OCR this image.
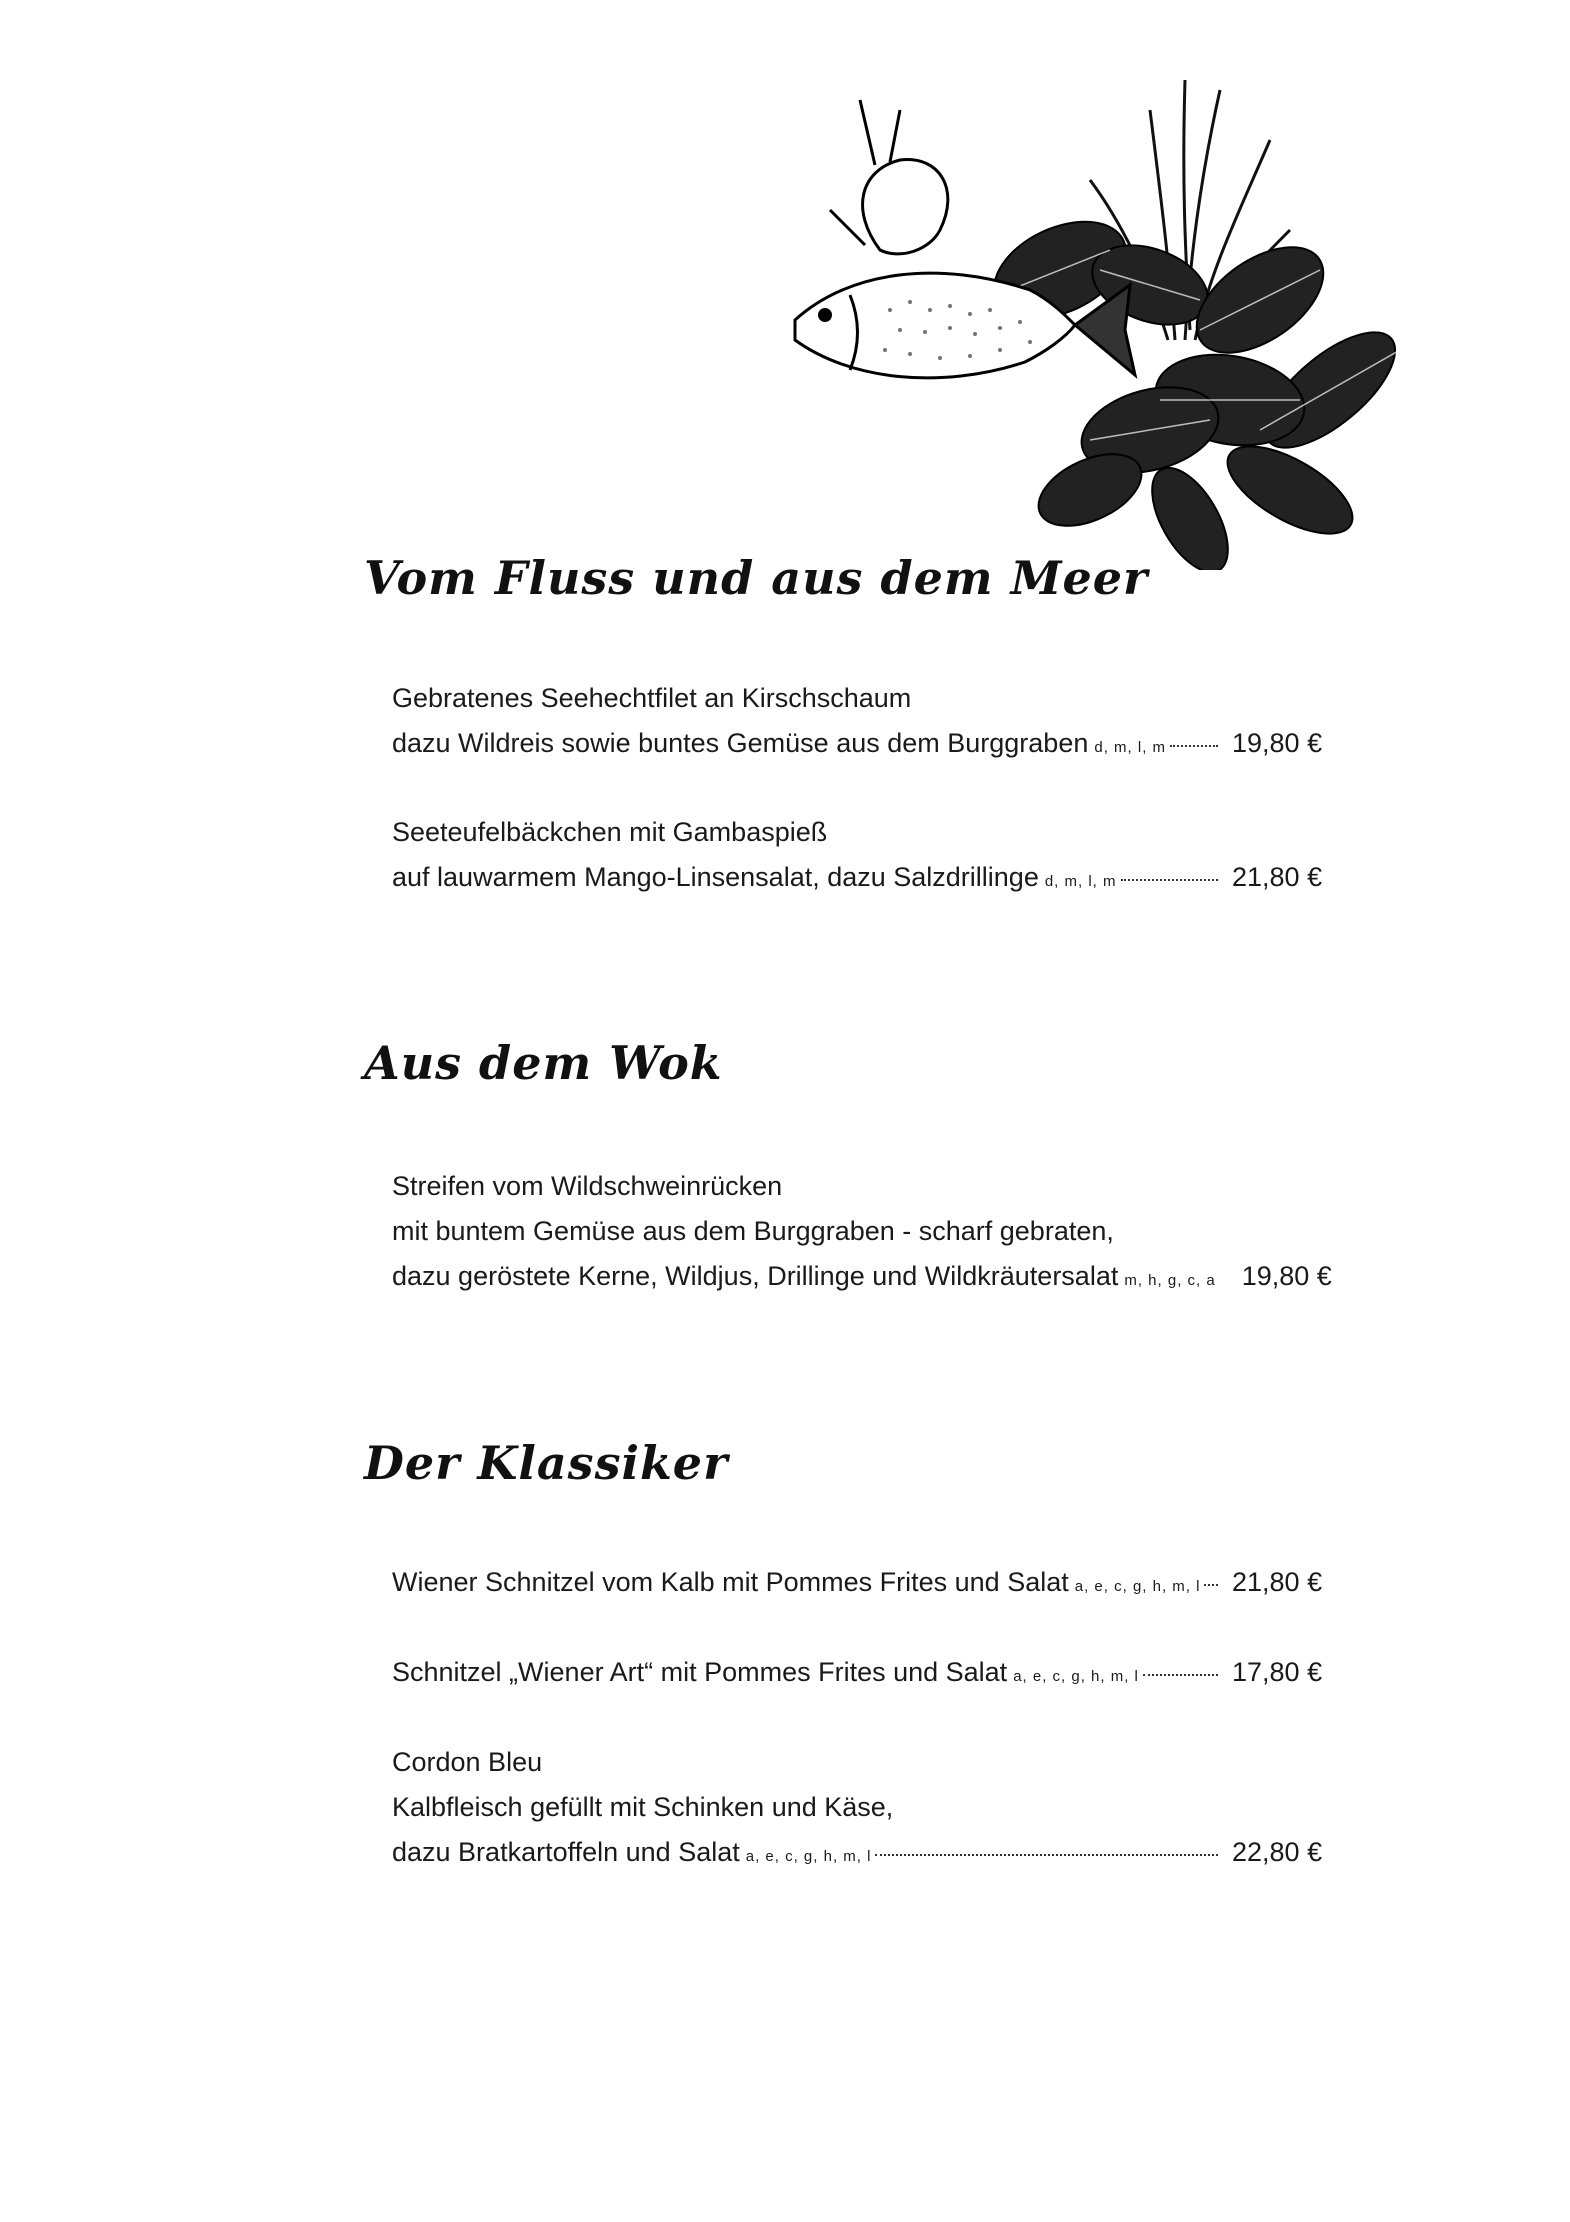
Vom Fluss und aus dem Meer
Gebratenes Seehechtfilet an Kirschschaum
dazu Wildreis sowie buntes Gemüse aus dem Burggraben d, m, l, m 19,80 €
Seeteufelbäckchen mit Gambaspieß
auf lauwarmem Mango-Linsensalat, dazu Salzdrillinge d, m, l, m	21,80 €
Aus dem Wok
Streifen vom Wildschweinrücken
mit buntem Gemüse aus dem Burggraben - scharf gebraten,
dazu geröstete Kerne, Wildjus, Drillinge und Wildkräutersalat m, h, g, c, a 19,80 €
Der Klassiker
Wiener Schnitzel vom Kalb mit Pommes Frites und Salat a, e, c, g, h, m, l 21,80 €
Schnitzel „Wiener Art“ mit Pommes Frites und Salat a, e, c, g, h, m, l	17,80 €
Cordon Bleu
Kalbfleisch gefüllt mit Schinken und Käse,
dazu Bratkartoffeln und Salat a, e, c, g, h, m, l	22,80 €
